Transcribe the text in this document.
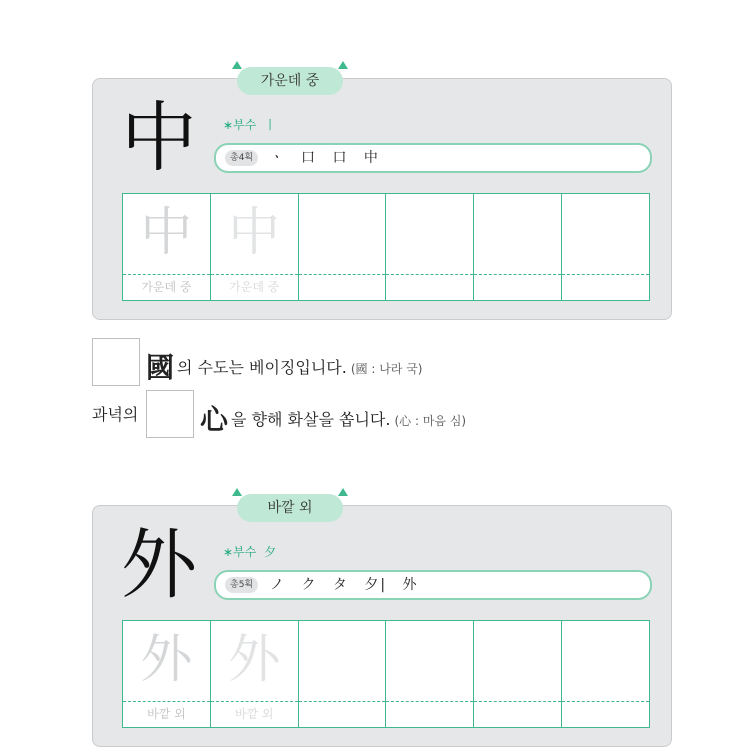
가운데 중
中 ∗부수 丨
총4획	ㆍ 口 口 中
中
가운데 중
中
가운데 중
國의 수도는 베이징입니다. (國 : 나라 국)
과녁의 心을 향해 화살을 쏩니다. (心 : 마음 심)
바깥 외
外 ∗부수 夕
총5획	ノ ク タ 夕| 外
外
바깥 외
外
바깥 외
